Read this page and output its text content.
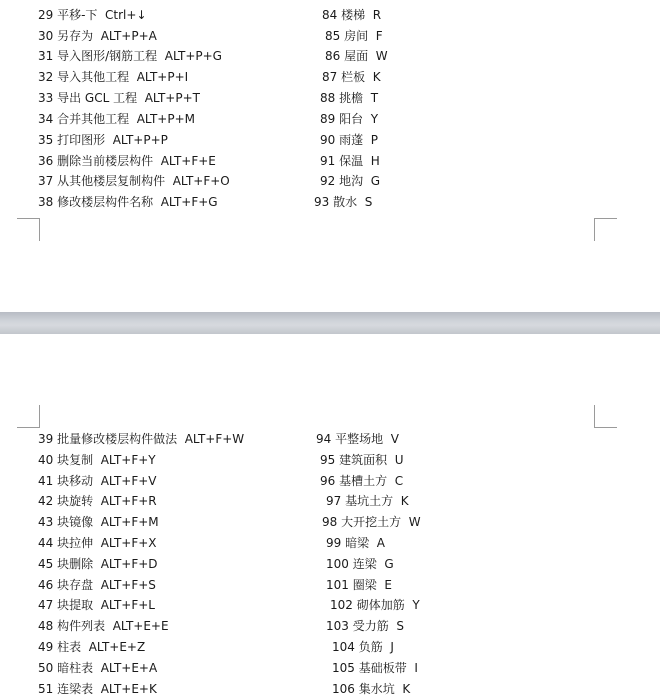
29 平移-下  Ctrl+↓
30 另存为  ALT+P+A
31 导入图形/钢筋工程  ALT+P+G
32 导入其他工程  ALT+P+I
33 导出 GCL 工程  ALT+P+T
34 合并其他工程  ALT+P+M
35 打印图形  ALT+P+P
36 删除当前楼层构件  ALT+F+E
37 从其他楼层复制构件  ALT+F+O
38 修改楼层构件名称  ALT+F+G
84 楼梯  R
85 房间  F
86 屋面  W
87 栏板  K
88 挑檐  T
89 阳台  Y
90 雨蓬  P
91 保温  H
92 地沟  G
93 散水  S
39 批量修改楼层构件做法  ALT+F+W
40 块复制  ALT+F+Y
41 块移动  ALT+F+V
42 块旋转  ALT+F+R
43 块镜像  ALT+F+M
44 块拉伸  ALT+F+X
45 块删除  ALT+F+D
46 块存盘  ALT+F+S
47 块提取  ALT+F+L
48 构件列表  ALT+E+E
49 柱表  ALT+E+Z
50 暗柱表  ALT+E+A
51 连梁表  ALT+E+K
94 平整场地  V
95 建筑面积  U
96 基槽土方  C
97 基坑土方  K
98 大开挖土方  W
99 暗梁  A
100 连梁  G
101 圈梁  E
102 砌体加筋  Y
103 受力筋  S
104 负筋  J
105 基础板带  I
106 集水坑  K
